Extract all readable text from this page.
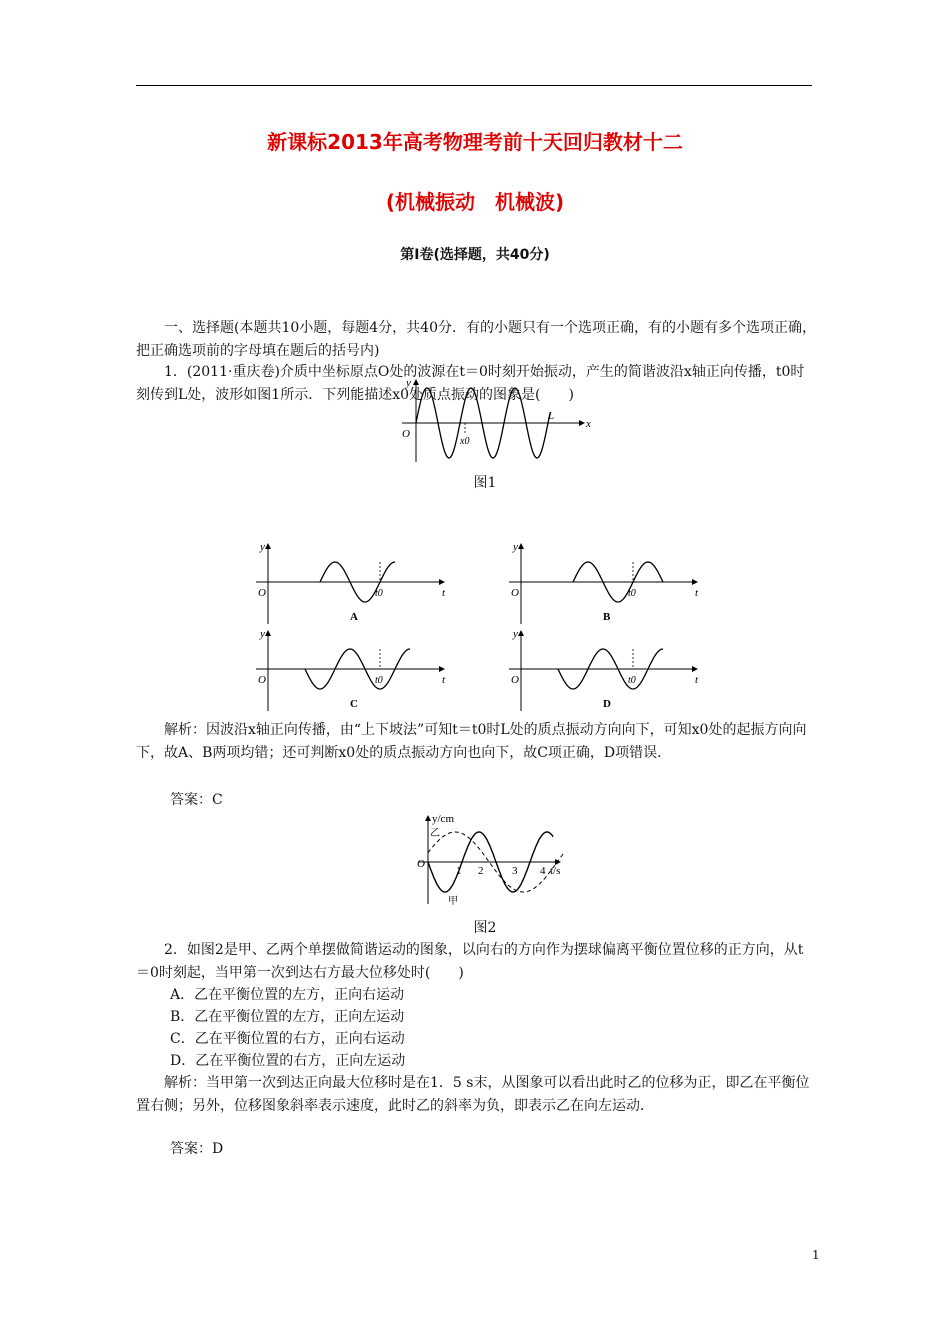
新课标2013年高考物理考前十天回归教材十二
(机械振动　机械波)
第Ⅰ卷(选择题，共40分)
一、选择题(本题共10小题，每题4分，共40分．有的小题只有一个选项正确，有的小题有多个选项正确，把正确选项前的字母填在题后的括号内)
1．(2011·重庆卷)介质中坐标原点O处的波源在t＝0时刻开始振动，产生的简谐波沿x轴正向传播，t0时刻传到L处，波形如图1所示．下列能描述x0处质点振动的图象是(　　)
y
O
x
x0
L
图1
y
O	t
t0
A
y
O	t
t0
B
y
O	t
t0
C
y
O	t
t0
D
解析：因波沿x轴正向传播，由“上下坡法”可知t＝t0时L处的质点振动方向向下，可知x0处的起振方向向下，故A、B两项均错；还可判断x0处的质点振动方向也向下，故C项正确，D项错误．
答案：C
y/cm
乙
O
1 2	3 4 t/s
甲
图2
2．如图2是甲、乙两个单摆做简谐运动的图象，以向右的方向作为摆球偏离平衡位置位移的正方向，从t＝0时刻起，当甲第一次到达右方最大位移处时(　　)
A．乙在平衡位置的左方，正向右运动
B．乙在平衡位置的左方，正向左运动
C．乙在平衡位置的右方，正向右运动
D．乙在平衡位置的右方，正向左运动
解析：当甲第一次到达正向最大位移时是在1．5 s末，从图象可以看出此时乙的位移为正，即乙在平衡位置右侧；另外，位移图象斜率表示速度，此时乙的斜率为负，即表示乙在向左运动．
答案：D
1
